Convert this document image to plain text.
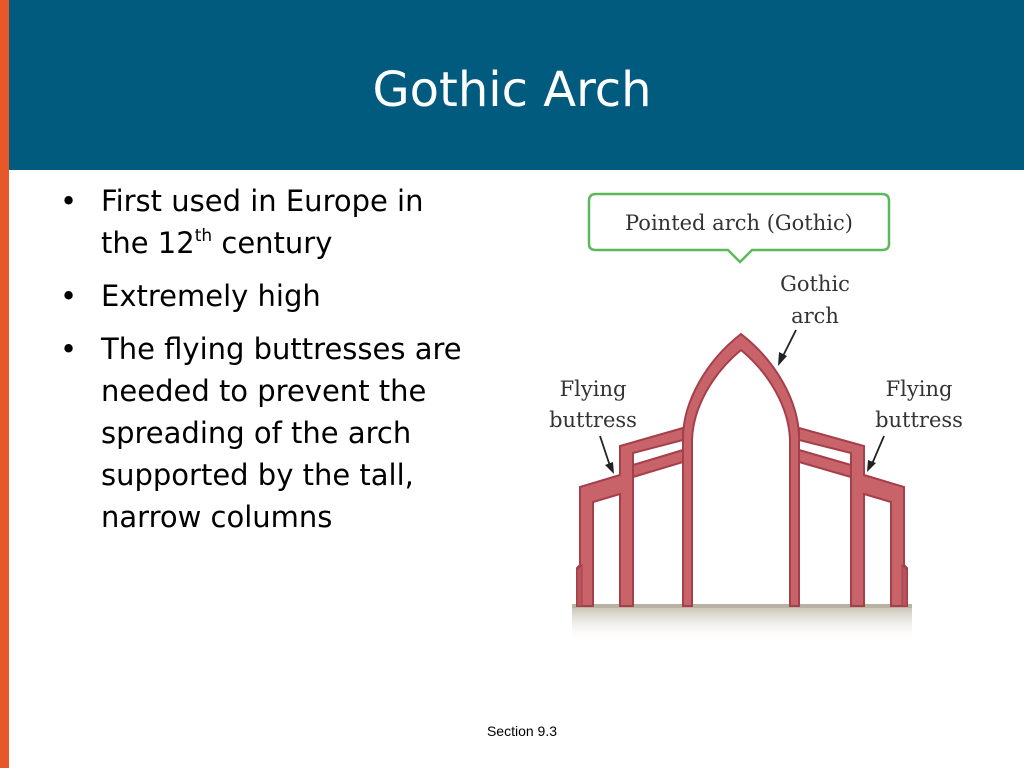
Gothic Arch
• First used in Europe in the 12th century
• Extremely high
• The flying buttresses are needed to prevent the spreading of the arch supported by the tall, narrow columns
Pointed arch (Gothic)
Gothic
arch
Flying
buttress
Flying
buttress
Section 9.3
